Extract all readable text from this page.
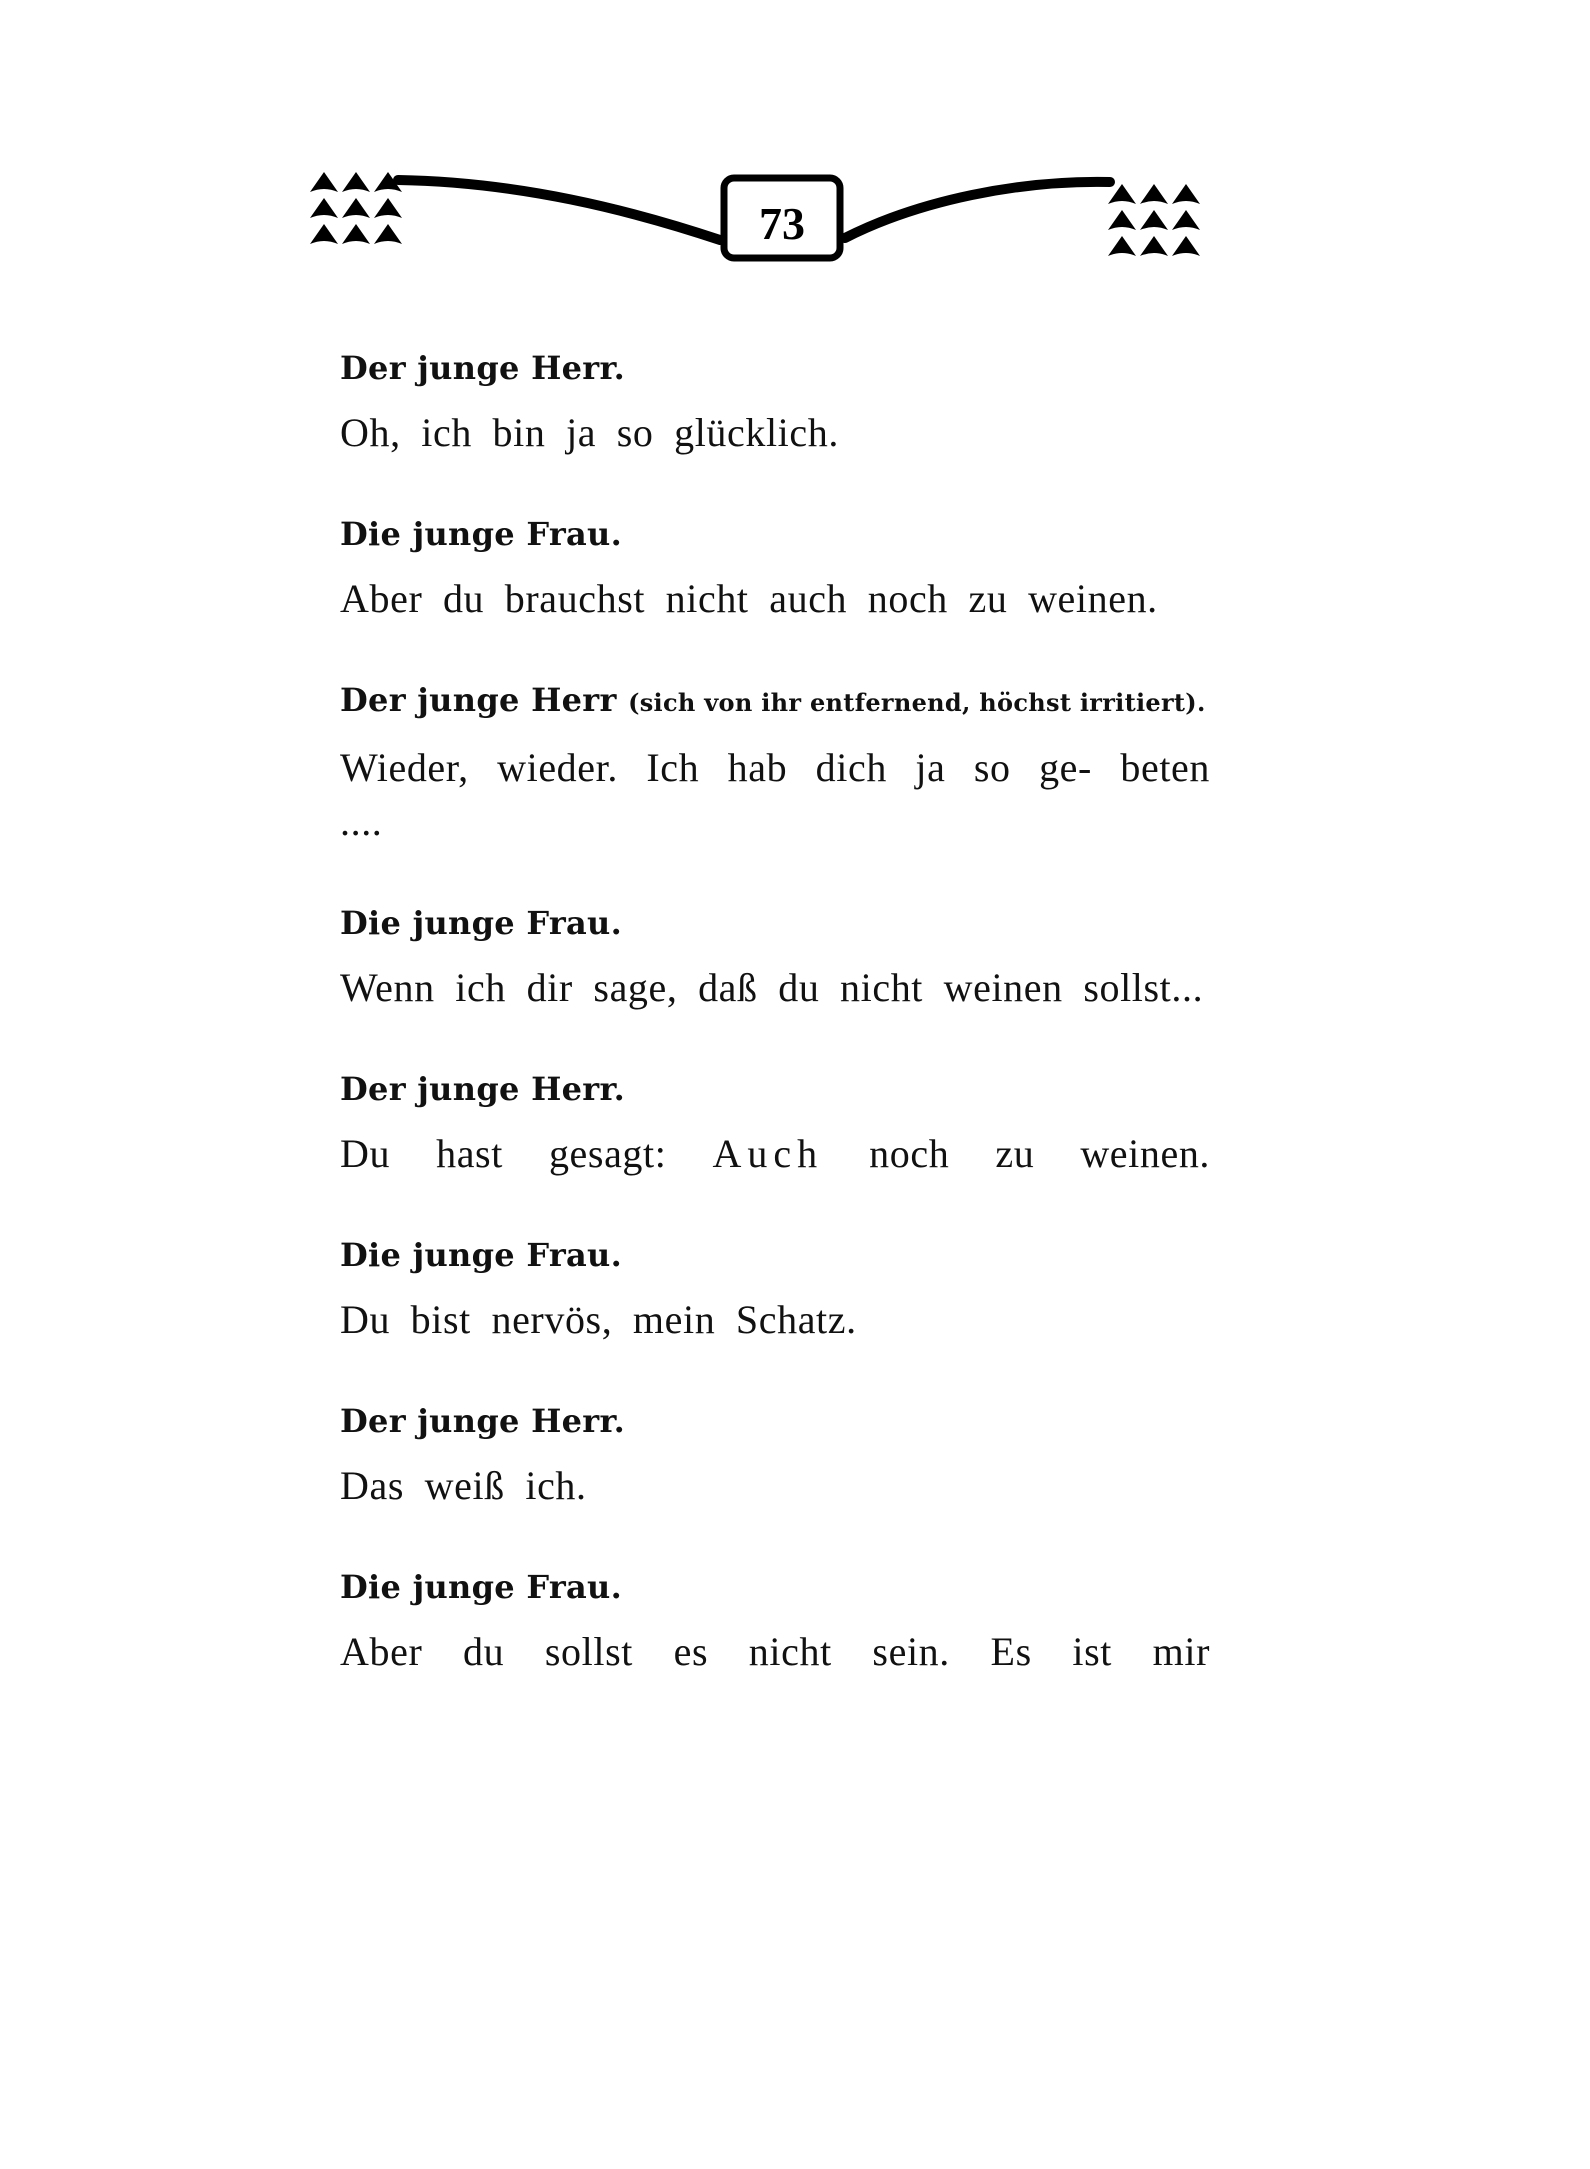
73
Der junge Herr.
Oh, ich bin ja so glücklich.
Die junge Frau.
Aber du brauchst nicht auch noch zu weinen.
Der junge Herr (sich von ihr entfernend, höchst irritiert).
Wieder, wieder. Ich hab dich ja so ge- beten ....
Die junge Frau.
Wenn ich dir sage, daß du nicht weinen sollst...
Der junge Herr.
Du hast gesagt: Auch noch zu weinen.
Die junge Frau.
Du bist nervös, mein Schatz.
Der junge Herr.
Das weiß ich.
Die junge Frau.
Aber du sollst es nicht sein. Es ist mir
